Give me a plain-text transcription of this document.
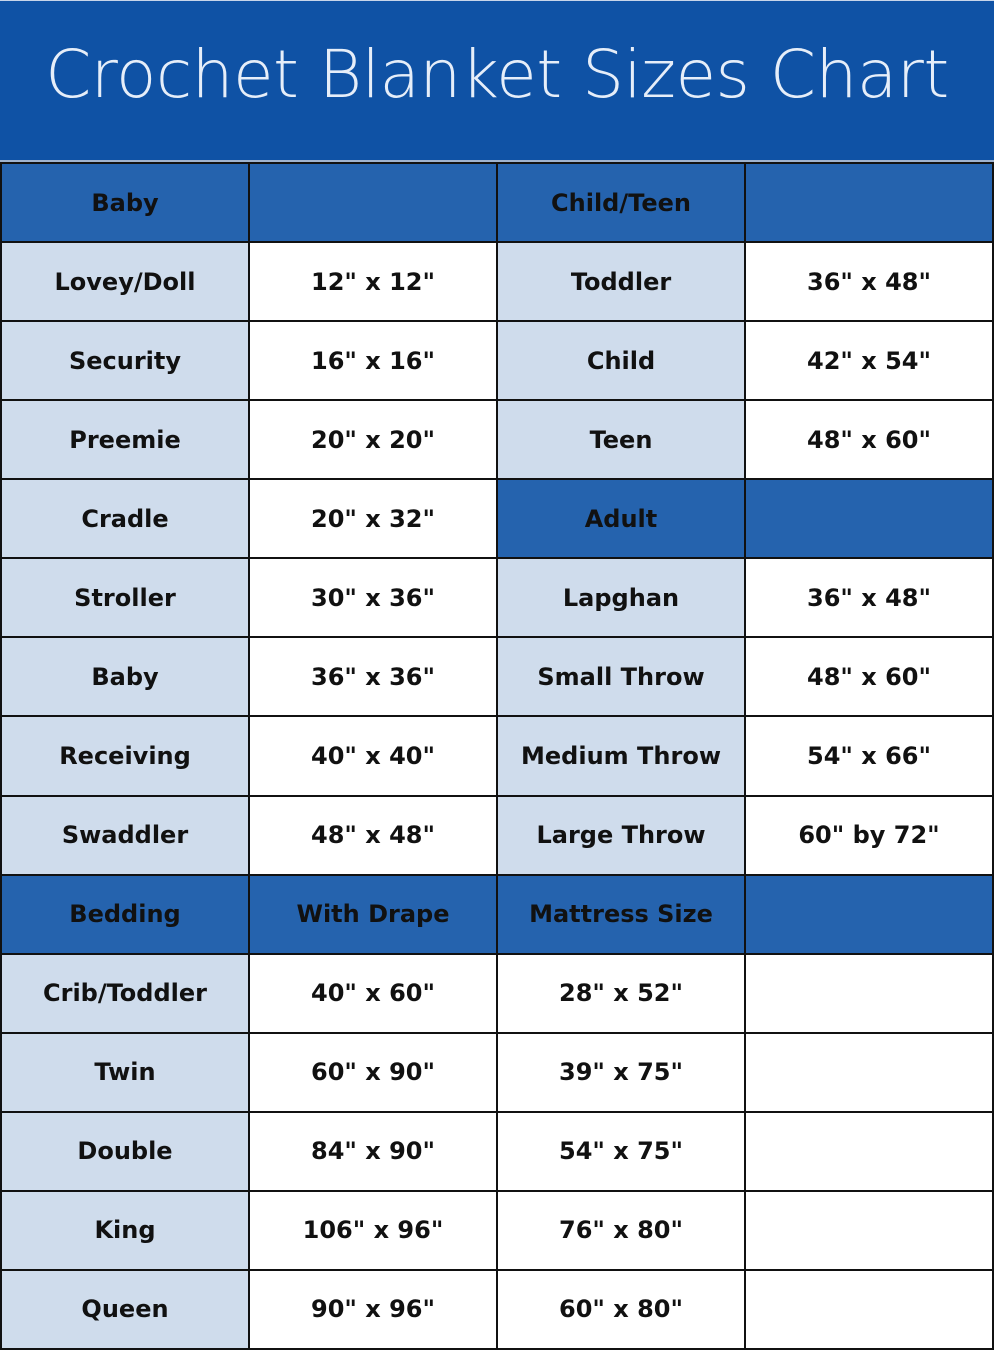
Crochet Blanket Sizes Chart
Baby		Child/Teen	
Lovey/Doll	12" x 12"	Toddler	36" x 48"
Security	16" x 16"	Child	42" x 54"
Preemie	20" x 20"	Teen	48" x 60"
Cradle	20" x 32"	Adult	
Stroller	30" x 36"	Lapghan	36" x 48"
Baby	36" x 36"	Small Throw	48" x 60"
Receiving	40" x 40"	Medium Throw	54" x 66"
Swaddler	48" x 48"	Large Throw	60" by 72"
Bedding	With Drape	Mattress Size	
Crib/Toddler	40" x 60"	28" x 52"	
Twin	60" x 90"	39" x 75"	
Double	84" x 90"	54" x 75"	
King	106" x 96"	76" x 80"	
Queen	90" x 96"	60" x 80"	
